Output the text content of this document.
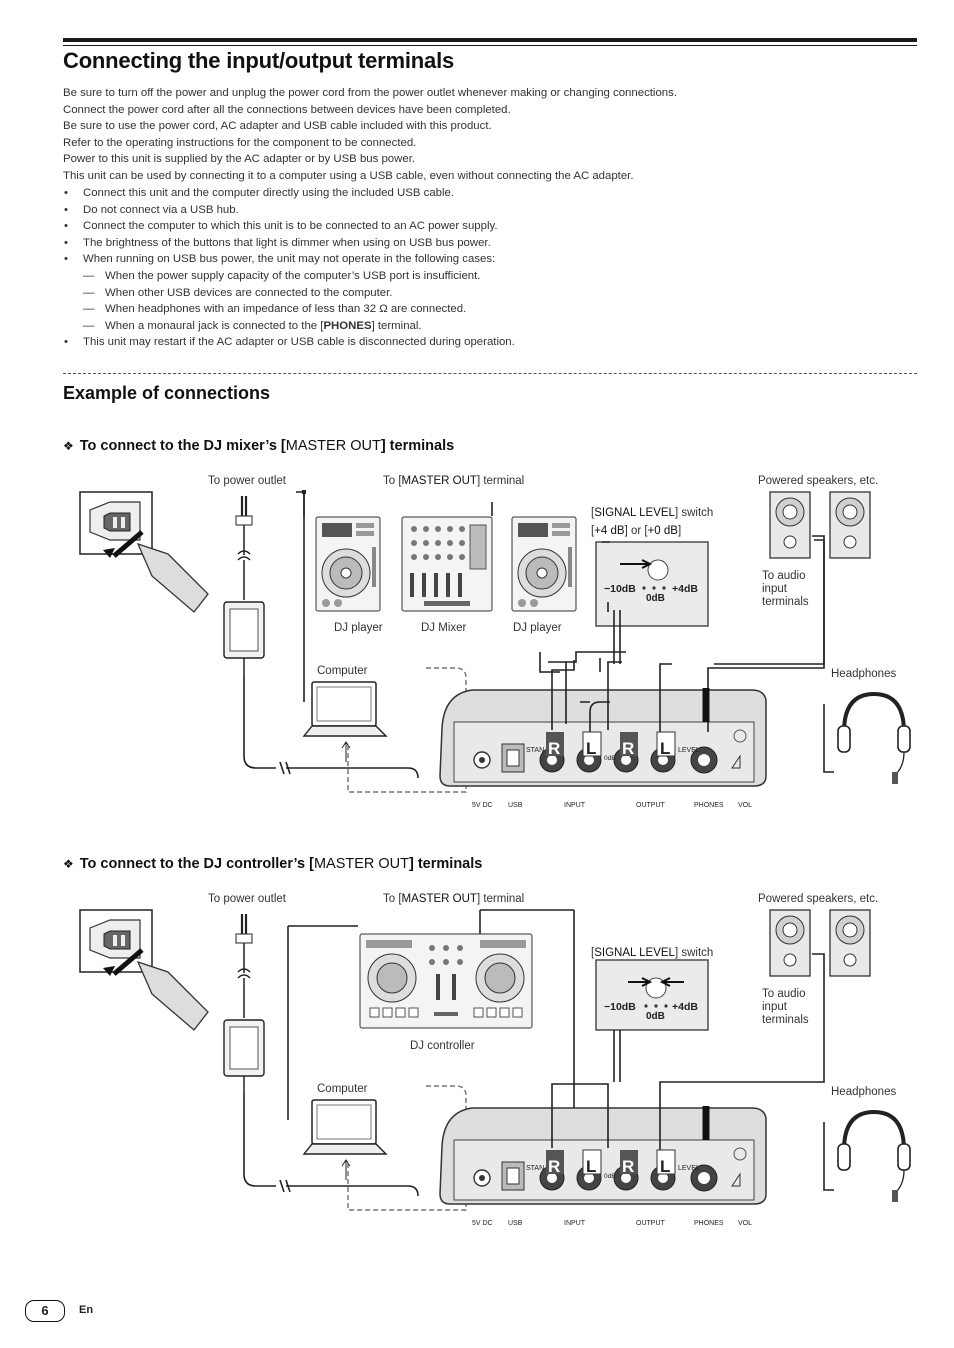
Connecting the input/output terminals

Be sure to turn off the power and unplug the power cord from the power outlet whenever making or changing connections.

Connect the power cord after all the connections between devices have been completed.

Be sure to use the power cord, AC adapter and USB cable included with this product.

Refer to the operating instructions for the component to be connected.

Power to this unit is supplied by the AC adapter or by USB bus power.

This unit can be used by connecting it to a computer using a USB cable, even without connecting the AC adapter.

• Connect this unit and the computer directly using the included USB cable.
• Do not connect via a USB hub.
• Connect the computer to which this unit is to be connected to an AC power supply.
• The brightness of the buttons that light is dimmer when using on USB bus power.
• When running on USB bus power, the unit may not operate in the following cases:
— When the power supply capacity of the computer’s USB port is insufficient.
— When other USB devices are connected to the computer.
— When headphones with an impedance of less than 32 Ω are connected.
— When a monaural jack is connected to the [PHONES] terminal.
• This unit may restart if the AC adapter or USB cable is disconnected during operation.
Example of connections
❖ To connect to the DJ mixer’s [MASTER OUT] terminals
❖ To connect to the DJ controller’s [MASTER OUT] terminals
−10dB	+4dB
0dB
R L R L
STAN	LEVEL
0dB
5V DC USB	INPUT	OUTPUT	PHONES VOL
To power outlet	To [MASTER OUT] terminal	Powered speakers, etc.
[SIGNAL LEVEL] switch
[+4 dB] or [+0 dB]
To audio
input
terminals
DJ player	DJ Mixer	DJ player
Computer	Headphones
−10dB	+4dB
0dB
R L R L
STAN	LEVEL
0dB
5V DC USB	INPUT	OUTPUT	PHONES VOL
To power outlet	To [MASTER OUT] terminal	Powered speakers, etc.
[SIGNAL LEVEL] switch
To audio
input
terminals
DJ controller
Computer	Headphones
6	En
